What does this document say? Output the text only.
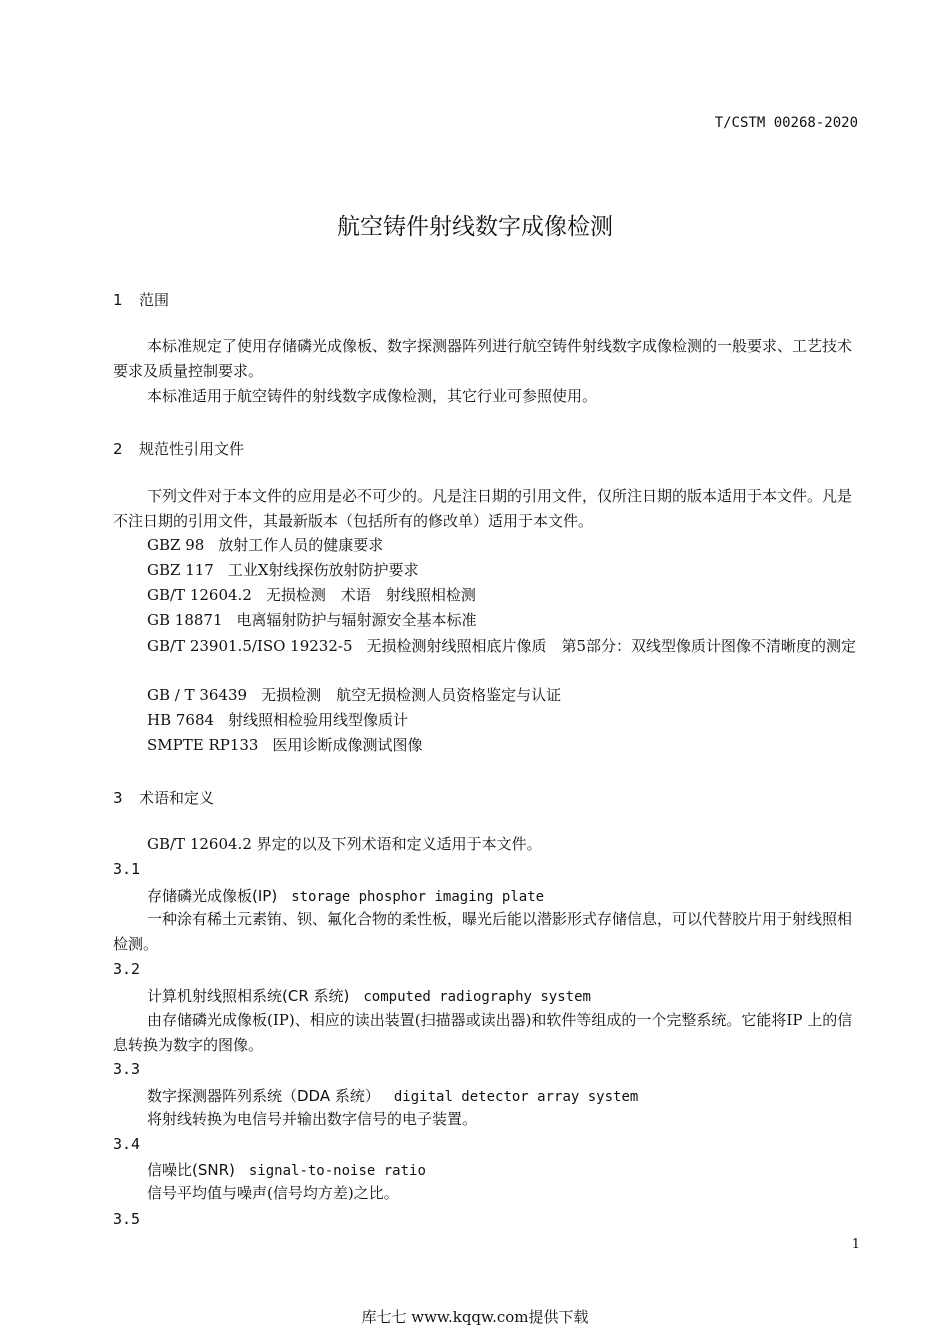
T/CSTM 00268-2020
航空铸件射线数字成像检测
1 范围
本标准规定了使用存储磷光成像板、数字探测器阵列进行航空铸件射线数字成像检测的一般要求、工艺技术要求及质量控制要求。
本标准适用于航空铸件的射线数字成像检测，其它行业可参照使用。
2 规范性引用文件
下列文件对于本文件的应用是必不可少的。凡是注日期的引用文件，仅所注日期的版本适用于本文件。凡是不注日期的引用文件，其最新版本（包括所有的修改单）适用于本文件。
GBZ 98 放射工作人员的健康要求
GBZ 117 工业X射线探伤放射防护要求
GB/T 12604.2 无损检测　术语　射线照相检测
GB 18871 电离辐射防护与辐射源安全基本标准
GB/T 23901.5/ISO 19232-5 无损检测射线照相底片像质　第5部分：双线型像质计图像不清晰度的测定
GB / T 36439 无损检测　航空无损检测人员资格鉴定与认证
HB 7684 射线照相检验用线型像质计
SMPTE RP133 医用诊断成像测试图像
3 术语和定义
GB/T 12604.2 界定的以及下列术语和定义适用于本文件。
3.1
存储磷光成像板(IP) storage phosphor imaging plate
一种涂有稀土元素铕、钡、氟化合物的柔性板，曝光后能以潜影形式存储信息，可以代替胶片用于射线照相检测。
3.2
计算机射线照相系统(CR 系统) computed radiography system
由存储磷光成像板(IP)、相应的读出装置(扫描器或读出器)和软件等组成的一个完整系统。它能将IP 上的信息转换为数字的图像。
3.3
数字探测器阵列系统（DDA 系统） digital detector array system
将射线转换为电信号并输出数字信号的电子装置。
3.4
信噪比(SNR) signal-to-noise ratio
信号平均值与噪声(信号均方差)之比。
3.5
1
库七七 www.kqqw.com提供下载
